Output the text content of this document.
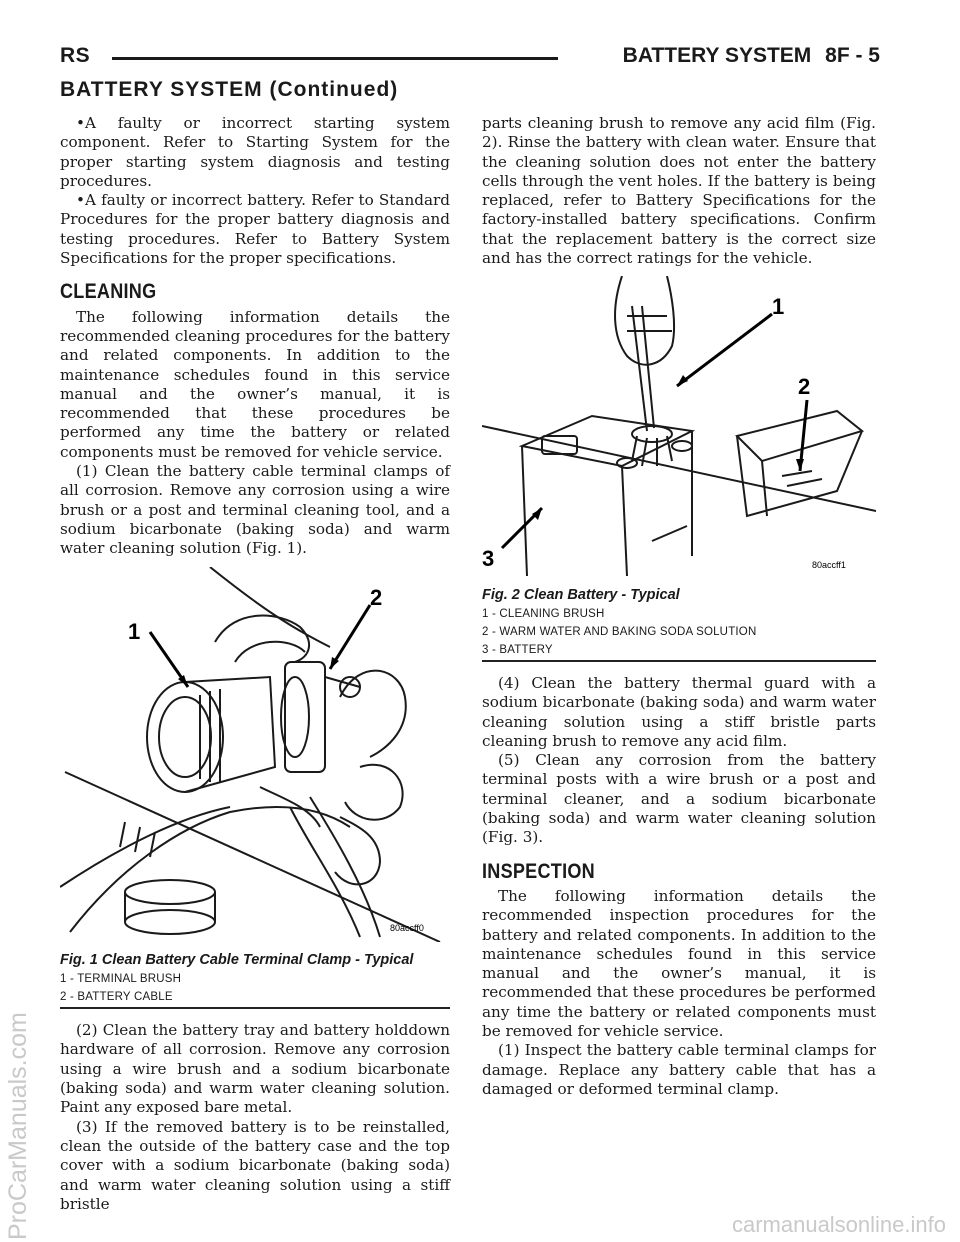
RS	BATTERY SYSTEM 8F - 5
BATTERY SYSTEM (Continued)

•A faulty or incorrect starting system component. Refer to Starting System for the proper starting system diagnosis and testing procedures.

•A faulty or incorrect battery. Refer to Standard Procedures for the proper battery diagnosis and testing procedures. Refer to Battery System Specifications for the proper specifications.

CLEANING

The following information details the recommended cleaning procedures for the battery and related components. In addition to the maintenance schedules found in this service manual and the owner’s manual, it is recommended that these procedures be performed any time the battery or related components must be removed for vehicle service.

(1) Clean the battery cable terminal clamps of all corrosion. Remove any corrosion using a wire brush or a post and terminal cleaning tool, and a sodium bicarbonate (baking soda) and warm water cleaning solution (Fig. 1).

1
2
80accff0
Fig. 1 Clean Battery Cable Terminal Clamp - Typical
1 - TERMINAL BRUSH
2 - BATTERY CABLE

(2) Clean the battery tray and battery holddown hardware of all corrosion. Remove any corrosion using a wire brush and a sodium bicarbonate (baking soda) and warm water cleaning solution. Paint any exposed bare metal.

(3) If the removed battery is to be reinstalled, clean the outside of the battery case and the top cover with a sodium bicarbonate (baking soda) and warm water cleaning solution using a stiff bristle

parts cleaning brush to remove any acid film (Fig. 2). Rinse the battery with clean water. Ensure that the cleaning solution does not enter the battery cells through the vent holes. If the battery is being replaced, refer to Battery Specifications for the factory-installed battery specifications. Confirm that the replacement battery is the correct size and has the correct ratings for the vehicle.

1
2
3	80accff1
Fig. 2 Clean Battery - Typical
1 - CLEANING BRUSH
2 - WARM WATER AND BAKING SODA SOLUTION
3 - BATTERY

(4) Clean the battery thermal guard with a sodium bicarbonate (baking soda) and warm water cleaning solution using a stiff bristle parts cleaning brush to remove any acid film.

(5) Clean any corrosion from the battery terminal posts with a wire brush or a post and terminal cleaner, and a sodium bicarbonate (baking soda) and warm water cleaning solution (Fig. 3).

INSPECTION

The following information details the recommended inspection procedures for the battery and related components. In addition to the maintenance schedules found in this service manual and the owner’s manual, it is recommended that these procedures be performed any time the battery or related components must be removed for vehicle service.

(1) Inspect the battery cable terminal clamps for damage. Replace any battery cable that has a damaged or deformed terminal clamp.

ProCarManuals.com	carmanualsonline.info
